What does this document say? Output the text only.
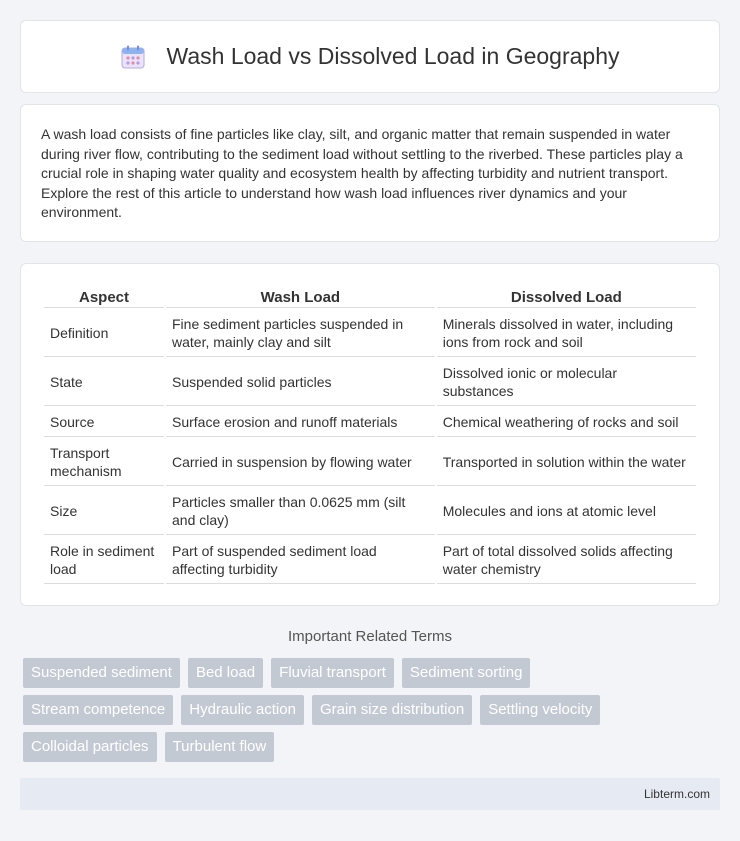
Wash Load vs Dissolved Load in Geography

A wash load consists of fine particles like clay, silt, and organic matter that remain suspended in water during river flow, contributing to the sediment load without settling to the riverbed. These particles play a crucial role in shaping water quality and ecosystem health by affecting turbidity and nutrient transport. Explore the rest of this article to understand how wash load influences river dynamics and your environment.

Aspect	Wash Load	Dissolved Load
Definition	Fine sediment particles suspended in water, mainly clay and silt	Minerals dissolved in water, including ions from rock and soil
State	Suspended solid particles	Dissolved ionic or molecular substances
Source	Surface erosion and runoff materials	Chemical weathering of rocks and soil
Transport mechanism	Carried in suspension by flowing water	Transported in solution within the water
Size	Particles smaller than 0.0625 mm (silt and clay)	Molecules and ions at atomic level
Role in sediment load	Part of suspended sediment load affecting turbidity	Part of total dissolved solids affecting water chemistry
Important Related Terms
Suspended sediment	Bed load	Fluvial transport	Sediment sorting
Stream competence	Hydraulic action	Grain size distribution	Settling velocity
Colloidal particles	Turbulent flow
Libterm.com
